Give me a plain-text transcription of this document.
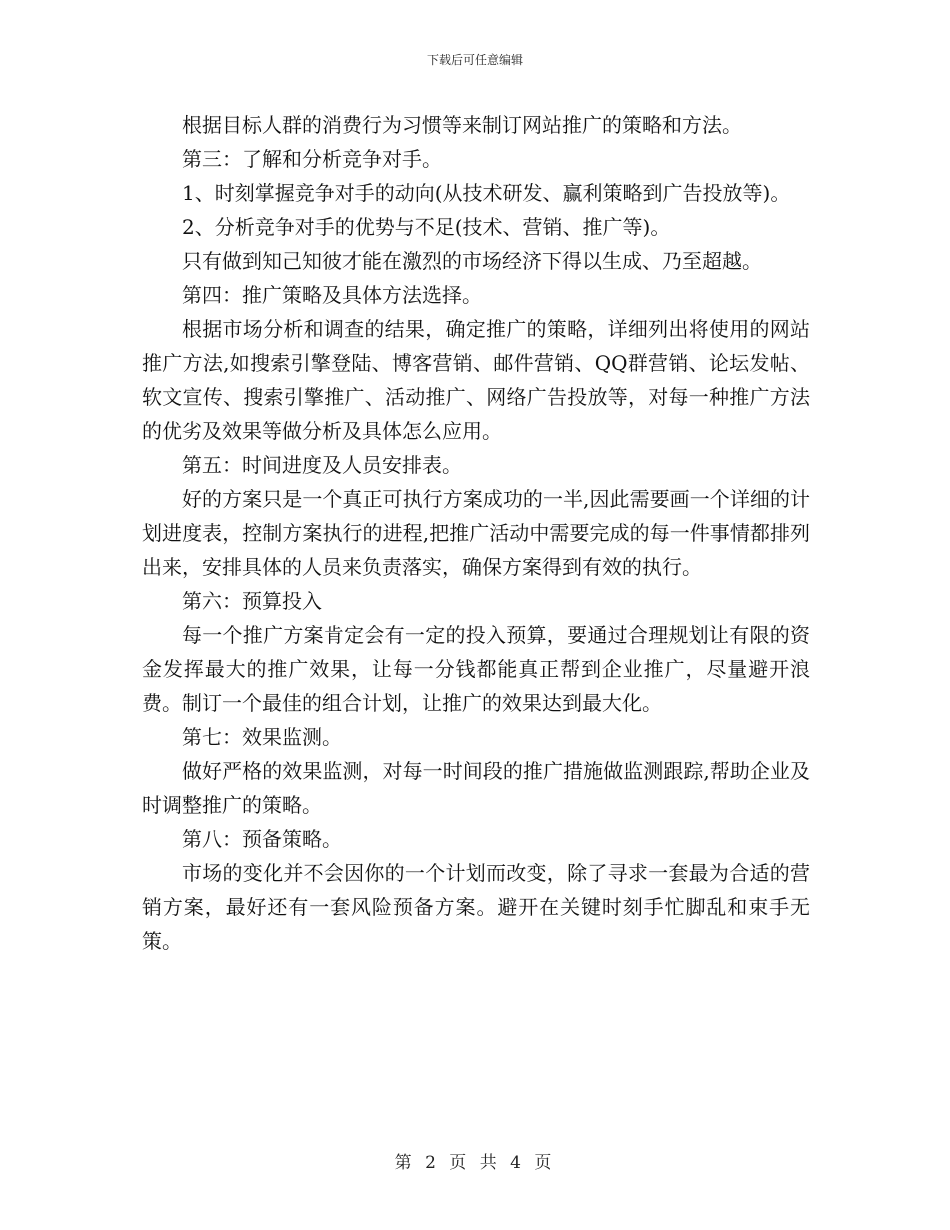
下载后可任意编辑

根据目标人群的消费行为习惯等来制订网站推广的策略和方法。

第三：了解和分析竞争对手。

1、时刻掌握竞争对手的动向(从技术研发、赢利策略到广告投放等)。

2、分析竞争对手的优势与不足(技术、营销、推广等)。

只有做到知己知彼才能在激烈的市场经济下得以生成、乃至超越。

第四：推广策略及具体方法选择。

根据市场分析和调查的结果，确定推广的策略，详细列出将使用的网站推广方法,如搜索引擎登陆、博客营销、邮件营销、QQ群营销、论坛发帖、软文宣传、搜索引擎推广、活动推广、网络广告投放等，对每一种推广方法的优劣及效果等做分析及具体怎么应用。

第五：时间进度及人员安排表。

好的方案只是一个真正可执行方案成功的一半,因此需要画一个详细的计划进度表，控制方案执行的进程,把推广活动中需要完成的每一件事情都排列出来，安排具体的人员来负责落实，确保方案得到有效的执行。

第六：预算投入

每一个推广方案肯定会有一定的投入预算，要通过合理规划让有限的资金发挥最大的推广效果，让每一分钱都能真正帮到企业推广，尽量避开浪费。制订一个最佳的组合计划，让推广的效果达到最大化。

第七：效果监测。

做好严格的效果监测，对每一时间段的推广措施做监测跟踪,帮助企业及时调整推广的策略。

第八：预备策略。

市场的变化并不会因你的一个计划而改变，除了寻求一套最为合适的营销方案，最好还有一套风险预备方案。避开在关键时刻手忙脚乱和束手无策。

第 2 页 共 4 页
